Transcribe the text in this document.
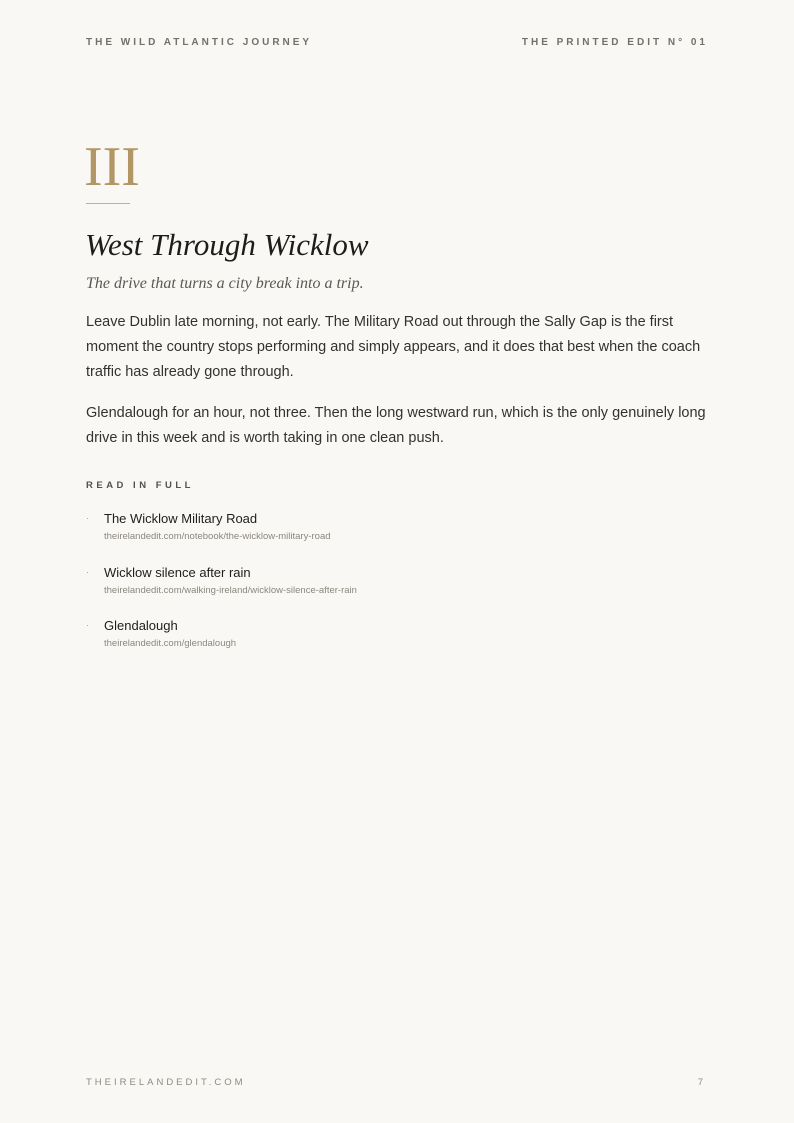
THE WILD ATLANTIC JOURNEY	THE PRINTED EDIT N° 01
III
West Through Wicklow

The drive that turns a city break into a trip.

Leave Dublin late morning, not early. The Military Road out through the Sally Gap is the first moment the country stops performing and simply appears, and it does that best when the coach traffic has already gone through.

Glendalough for an hour, not three. Then the long westward run, which is the only genuinely long drive in this week and is worth taking in one clean push.

READ IN FULL
· The Wicklow Military Road
theirelandedit.com/notebook/the-wicklow-military-road
· Wicklow silence after rain
theirelandedit.com/walking-ireland/wicklow-silence-after-rain
· Glendalough
theirelandedit.com/glendalough
THEIRELANDEDIT.COM	7
